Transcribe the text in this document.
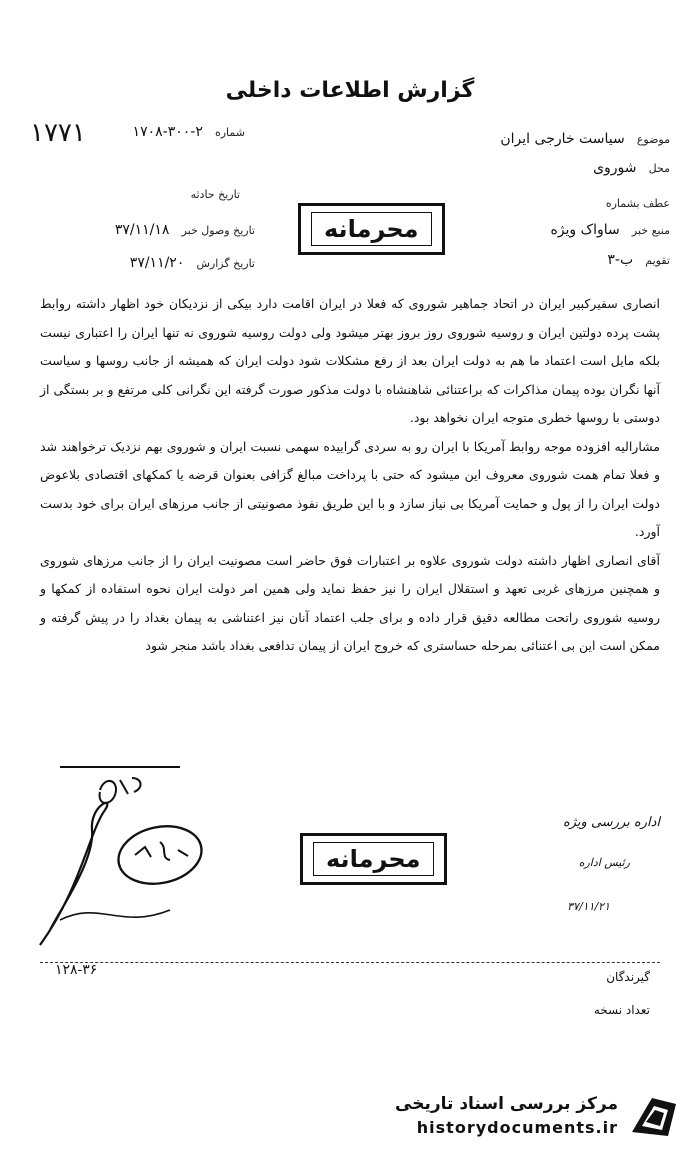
گزارش اطلاعات داخلی
۱۷۷۱	شماره ۲-۳۰۰-۱۷۰۸	موضوع سیاست خارجی ایران
محل شوروی
عطف بشماره
منبع خبر ساواک ویژه
تقویم ب-۳
تاریخ حادثه
تاریخ وصول خبر ۳۷/۱۱/۱۸
تاریخ گزارش ۳۷/۱۱/۲۰
محرمانه

انصاری سفیرکبیر ایران در اتحاد جماهیر شوروی که فعلا در ایران اقامت دارد بیکی از نزدیکان خود اظهار داشته روابط پشت پرده دولتین ایران و روسیه شوروی روز بروز بهتر میشود ولی دولت روسیه شوروی نه تنها ایران را اعتباری نیست بلکه مایل است اعتماد ما هم به دولت ایران بعد از رفع مشکلات شود دولت ایران که همیشه از جانب روسها و سیاست آنها نگران بوده پیمان مذاکرات که براعتنائی شاهنشاه با دولت مذکور صورت گرفته این نگرانی کلی مرتفع و بر بستگی از دوستی با روسها خطری متوجه ایران نخواهد بود.

مشارالیه افزوده موجه روابط آمریکا با ایران رو به سردی گراییده سهمی نسبت ایران و شوروی بهم نزدیک ترخواهند شد و فعلا تمام همت شوروی معروف این میشود که حتی با پرداخت مبالغ گزافی بعنوان قرضه یا کمکهای اقتصادی بلاعوض دولت ایران را از پول و حمایت آمریکا بی نیاز سازد و با این طریق نفوذ مصونیتی از جانب مرزهای ایران برای خود بدست آورد.

آقای انصاری اظهار داشته دولت شوروی علاوه بر اعتبارات فوق حاضر است مصونیت ایران را از جانب مرزهای شوروی و همچنین مرزهای غربی تعهد و استقلال ایران را نیز حفظ نماید ولی همین امر دولت ایران نحوه استفاده از کمکها و روسیه شوروی راتحت مطالعه دقیق قرار داده و برای جلب اعتماد آنان نیز اعتناشی به پیمان بغداد را در پیش گرفته و ممکن است این بی اعتنائی بمرحله حساستری که خروج ایران از پیمان تدافعی بغداد باشد منجر شود

اداره بررسی ویژه
رئیس اداره
۳۷/۱۱/۲۱
محرمانه
۱۲۸-۳۶	گیرندگان
تعداد نسخه
مرکز بررسی اسناد تاریخی
historydocuments.ir
